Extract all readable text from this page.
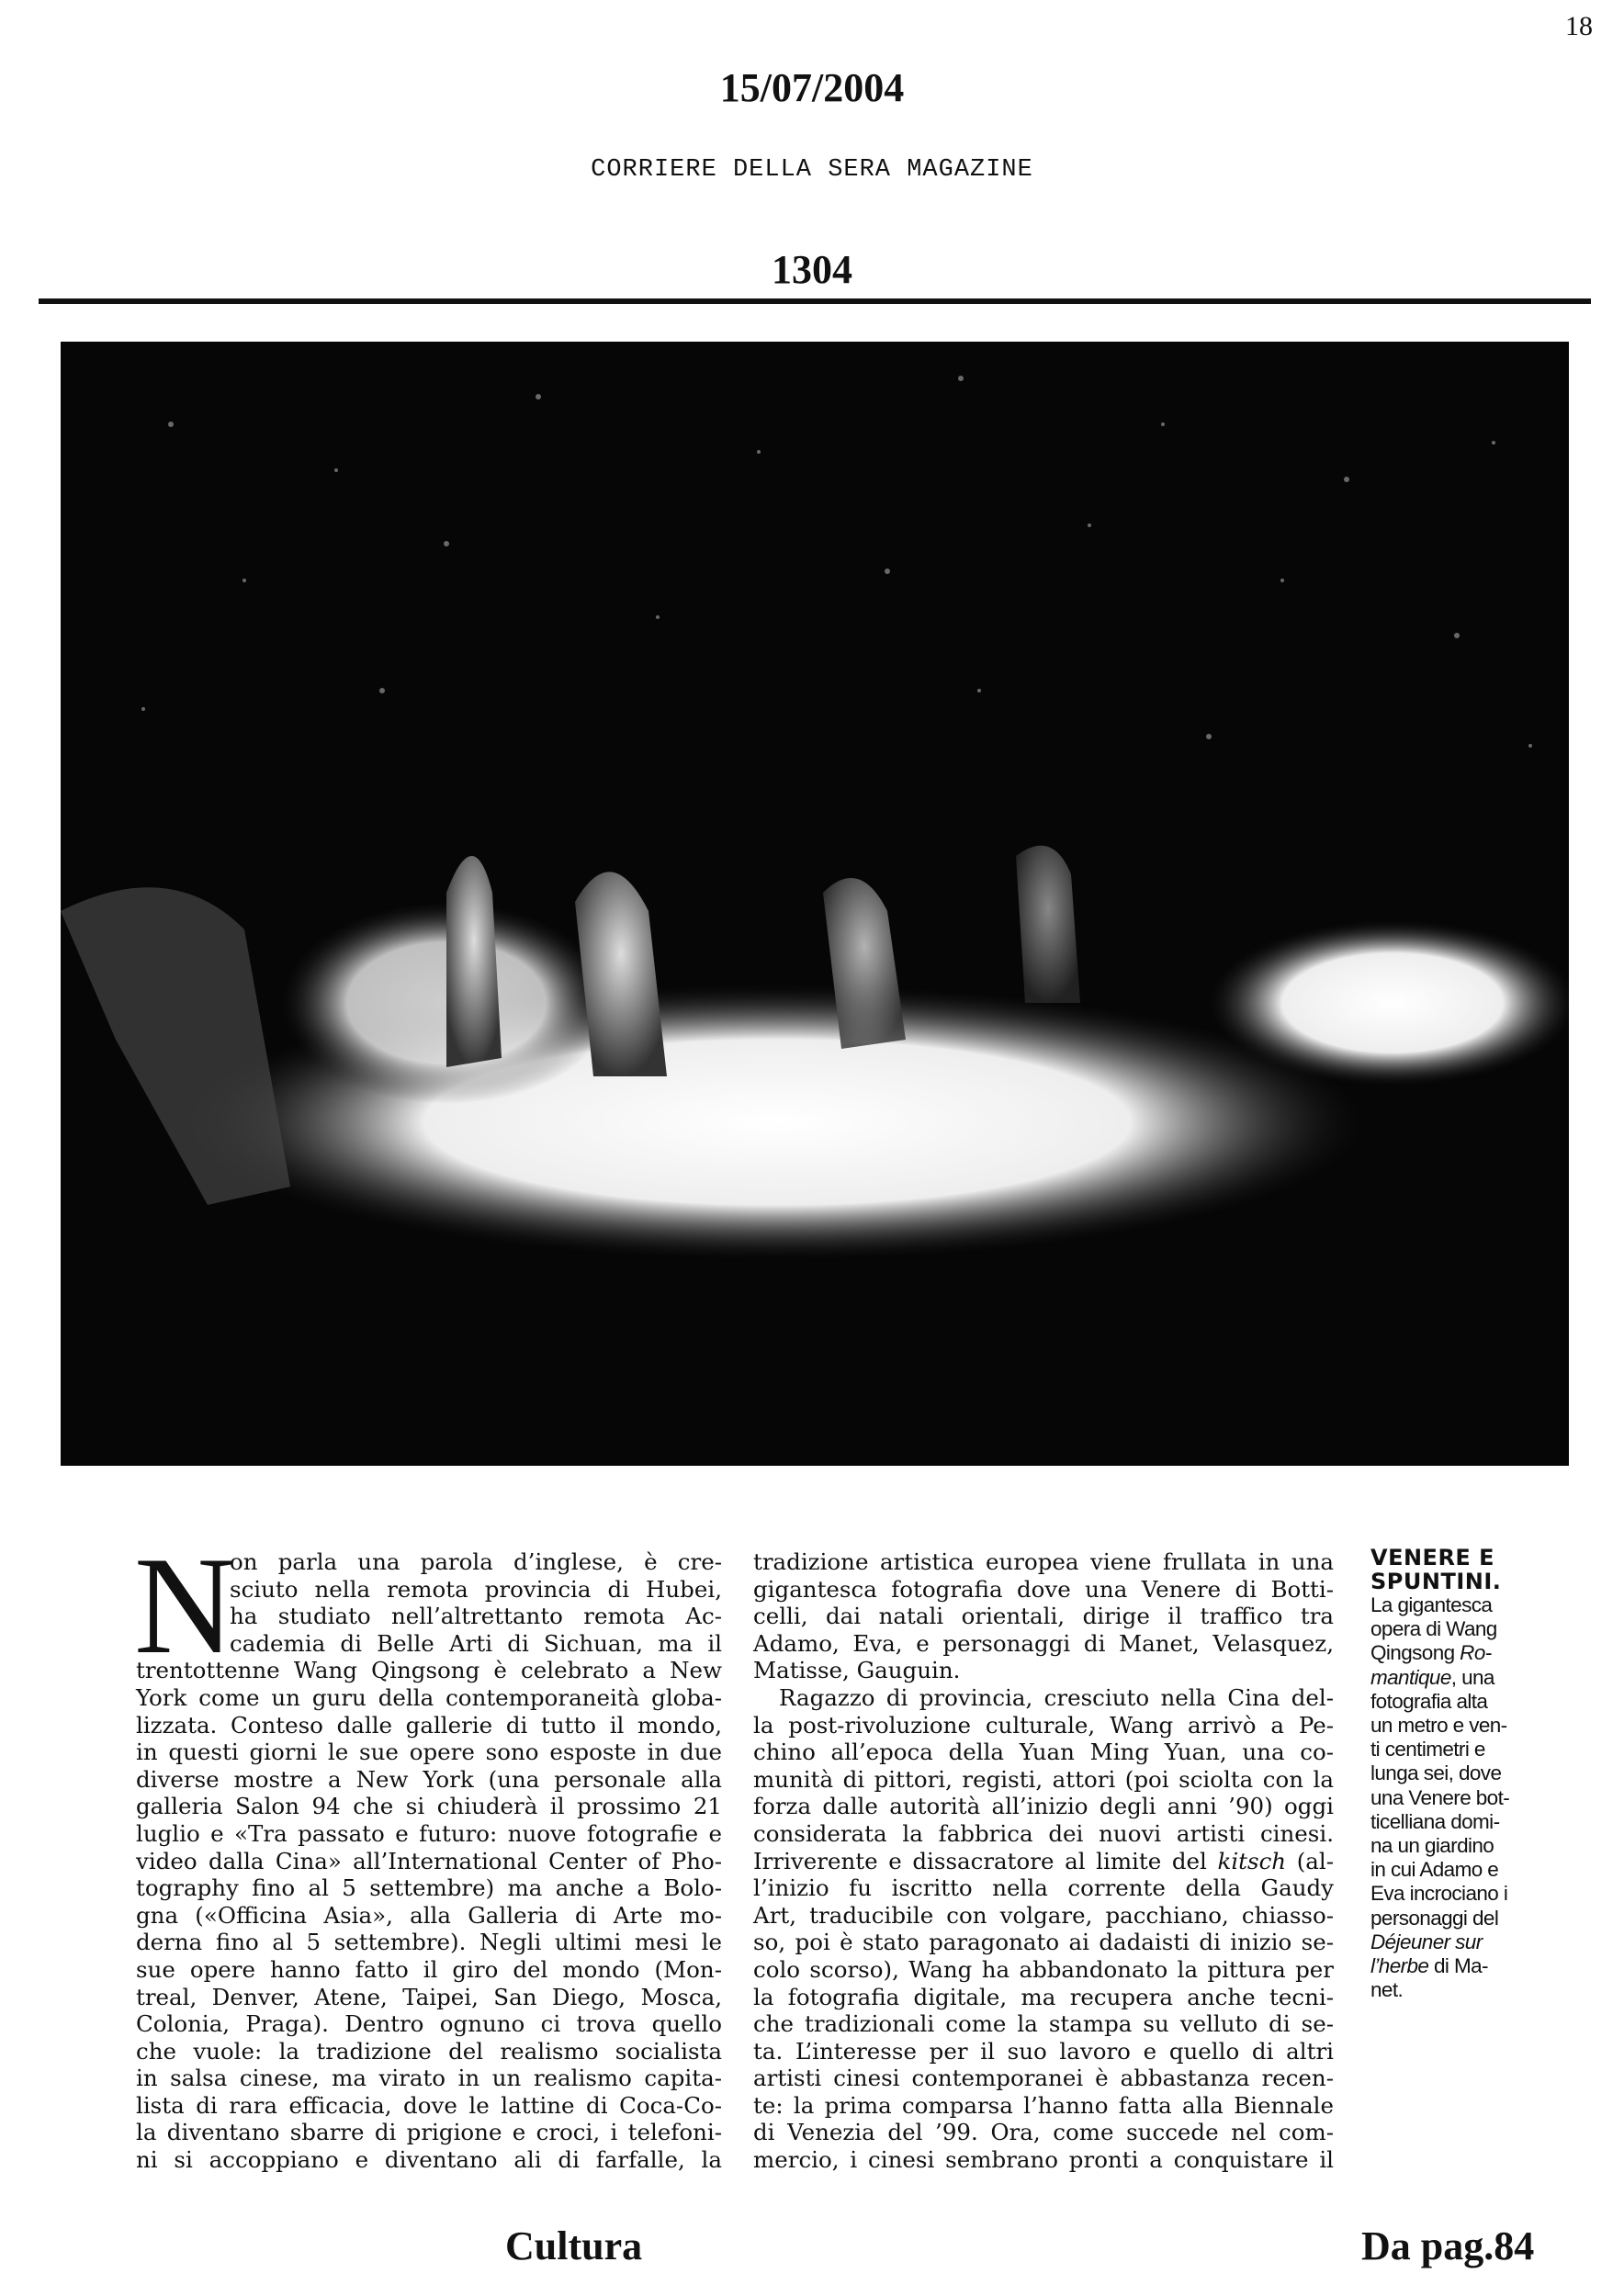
18
15/07/2004
CORRIERE DELLA SERA MAGAZINE
1304
N
on parla una parola d’inglese, è cre-
sciuto nella remota provincia di Hubei,
ha studiato nell’altrettanto remota Ac-
cademia di Belle Arti di Sichuan, ma il
trentottenne Wang Qingsong è celebrato a New
York come un guru della contemporaneità globa-
lizzata. Conteso dalle gallerie di tutto il mondo,
in questi giorni le sue opere sono esposte in due
diverse mostre a New York (una personale alla
galleria Salon 94 che si chiuderà il prossimo 21
luglio e «Tra passato e futuro: nuove fotografie e
video dalla Cina» all’International Center of Pho-
tography fino al 5 settembre) ma anche a Bolo-
gna («Officina Asia», alla Galleria di Arte mo-
derna fino al 5 settembre). Negli ultimi mesi le
sue opere hanno fatto il giro del mondo (Mon-
treal, Denver, Atene, Taipei, San Diego, Mosca,
Colonia, Praga). Dentro ognuno ci trova quello
che vuole: la tradizione del realismo socialista
in salsa cinese, ma virato in un realismo capita-
lista di rara efficacia, dove le lattine di Coca-Co-
la diventano sbarre di prigione e croci, i telefoni-
ni si accoppiano e diventano ali di farfalle, la
tradizione artistica europea viene frullata in una
gigantesca fotografia dove una Venere di Botti-
celli, dai natali orientali, dirige il traffico tra
Adamo, Eva, e personaggi di Manet, Velasquez,
Matisse, Gauguin.
Ragazzo di provincia, cresciuto nella Cina del-
la post-rivoluzione culturale, Wang arrivò a Pe-
chino all’epoca della Yuan Ming Yuan, una co-
munità di pittori, registi, attori (poi sciolta con la
forza dalle autorità all’inizio degli anni ’90) oggi
considerata la fabbrica dei nuovi artisti cinesi.
Irriverente e dissacratore al limite del kitsch (al-
l’inizio fu iscritto nella corrente della Gaudy
Art, traducibile con volgare, pacchiano, chiasso-
so, poi è stato paragonato ai dadaisti di inizio se-
colo scorso), Wang ha abbandonato la pittura per
la fotografia digitale, ma recupera anche tecni-
che tradizionali come la stampa su velluto di se-
ta. L’interesse per il suo lavoro e quello di altri
artisti cinesi contemporanei è abbastanza recen-
te: la prima comparsa l’hanno fatta alla Biennale
di Venezia del ’99. Ora, come succede nel com-
mercio, i cinesi sembrano pronti a conquistare il
VENERE E
SPUNTINI.
La gigantesca
opera di Wang
Qingsong Ro-
mantique, una
fotografia alta
un metro e ven-
ti centimetri e
lunga sei, dove
una Venere bot-
ticelliana domi-
na un giardino
in cui Adamo e
Eva incrociano i
personaggi del
Déjeuner sur
l’herbe di Ma-
net.
Cultura	Da pag.84
